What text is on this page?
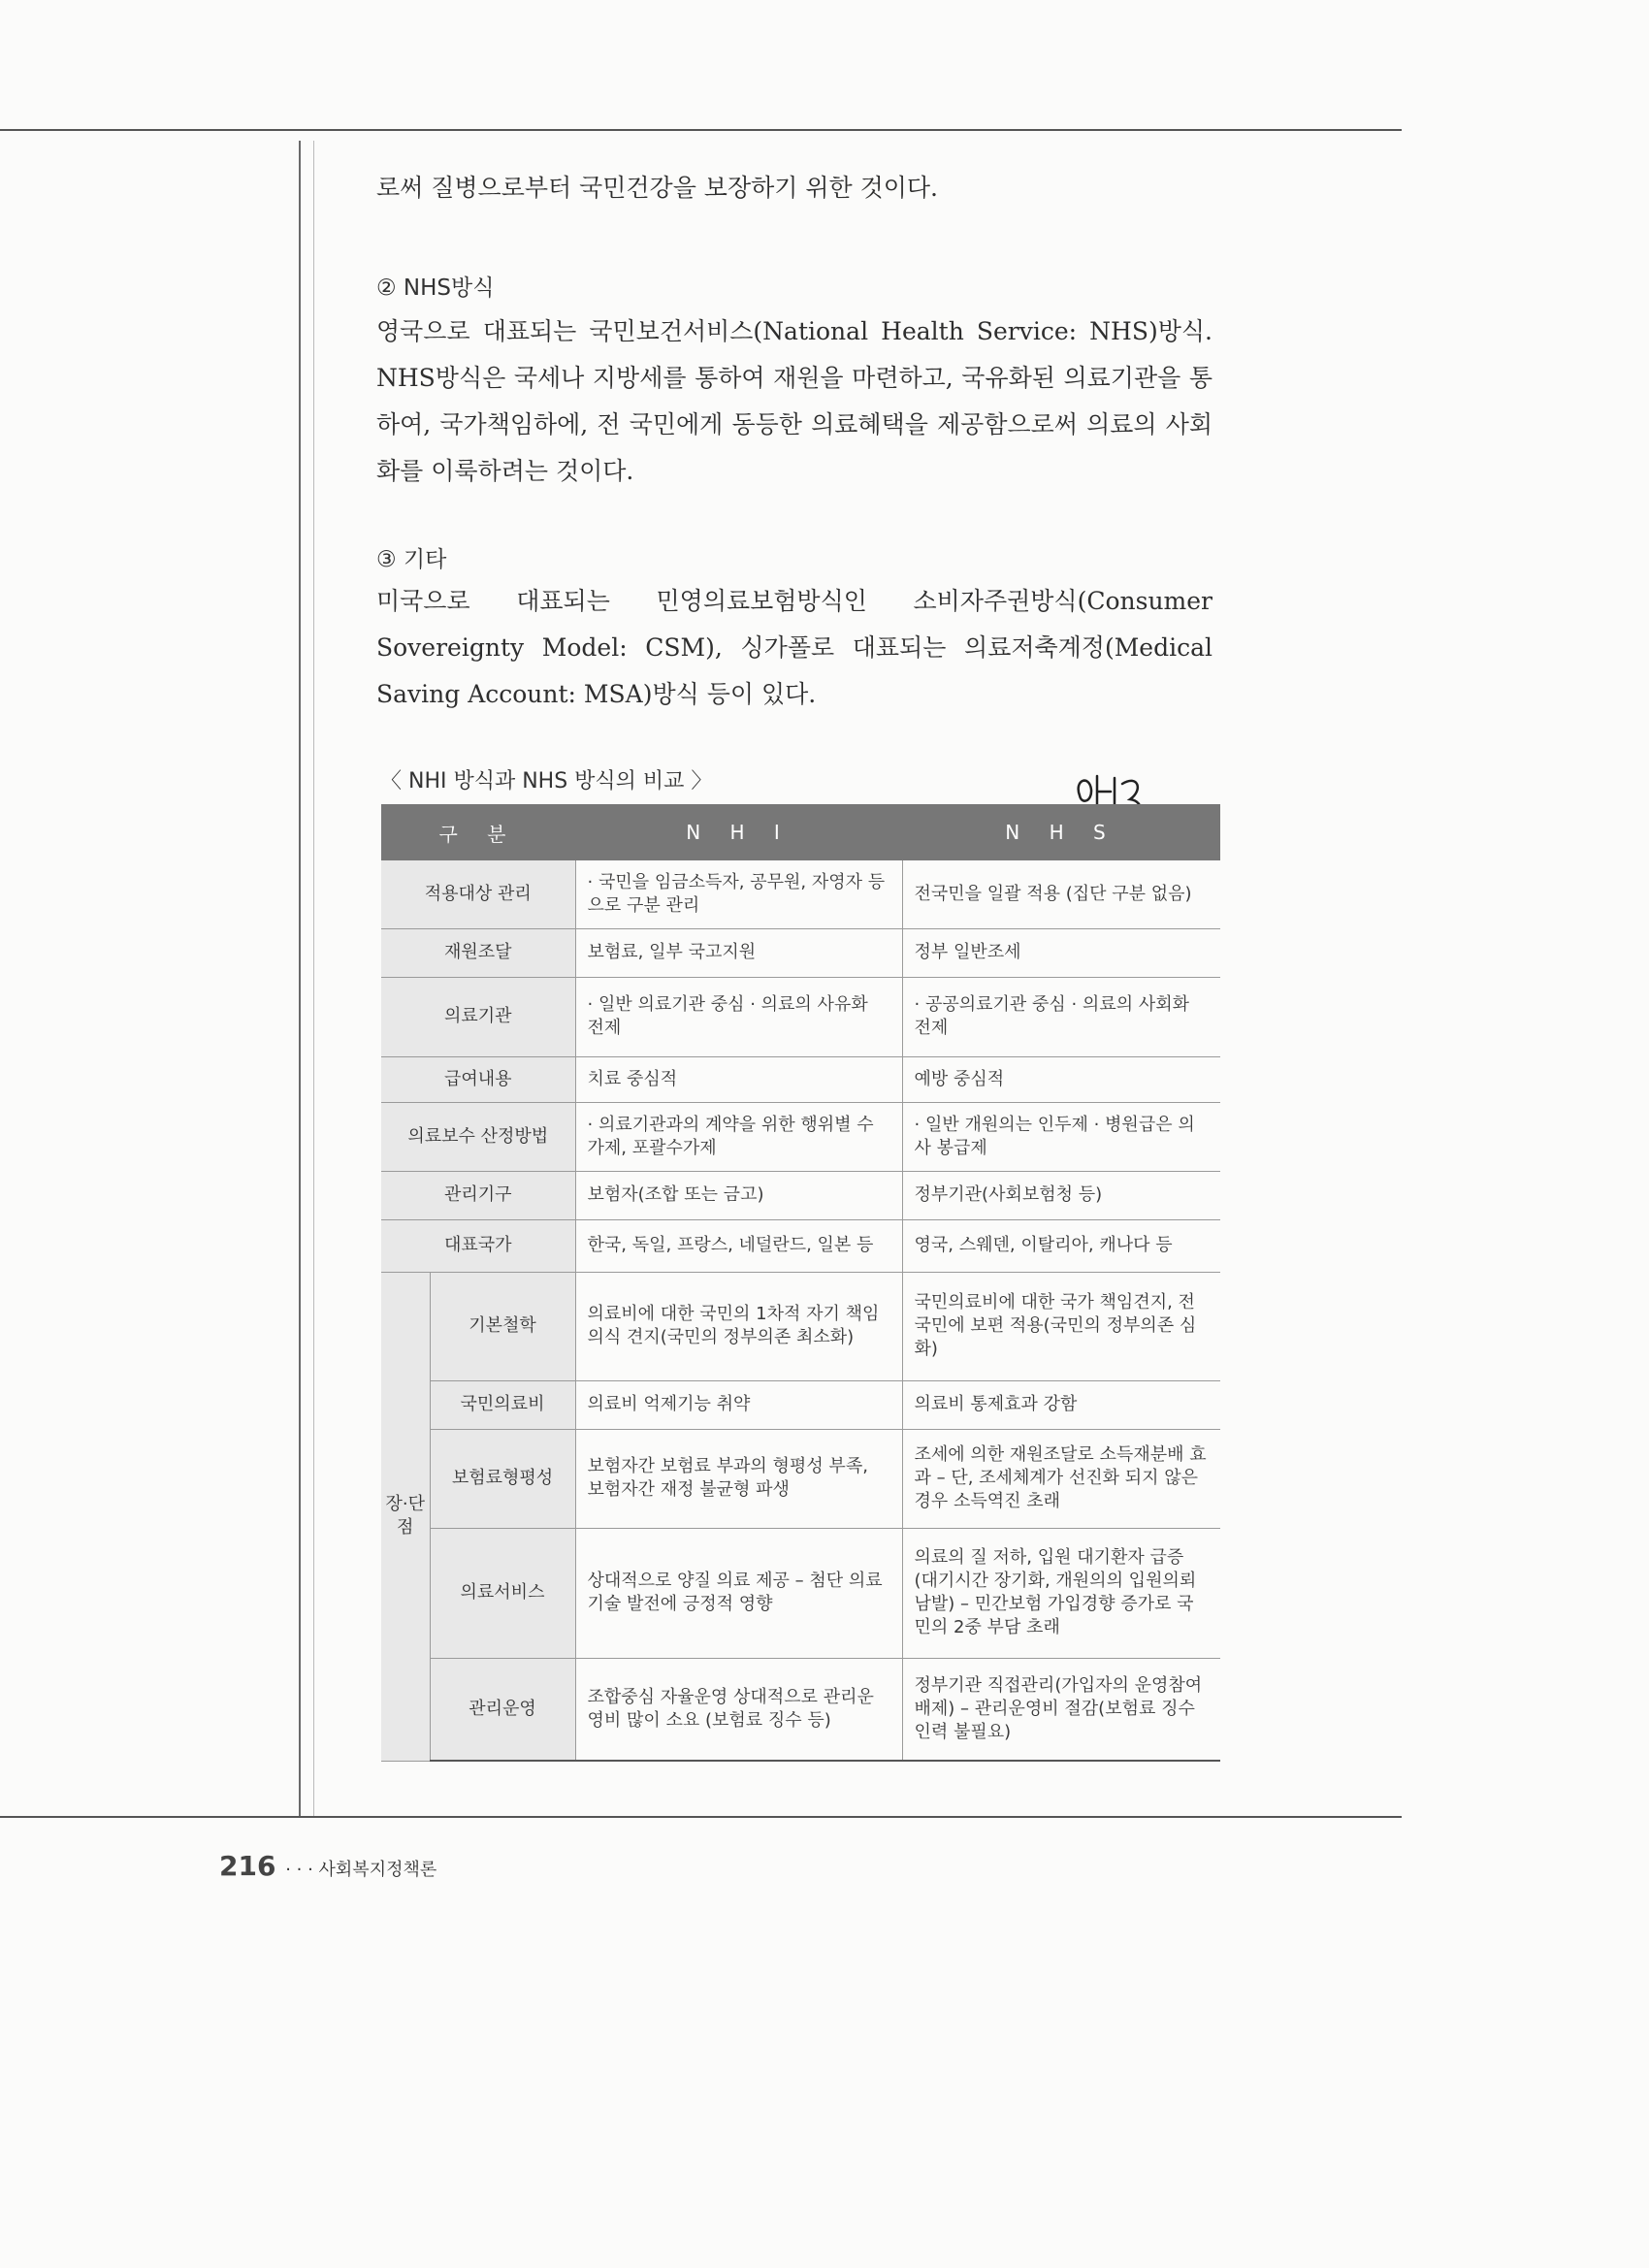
로써 질병으로부터 국민건강을 보장하기 위한 것이다.

② NHS방식

영국으로 대표되는 국민보건서비스(National Health Service: NHS)방식. NHS방식은 국세나 지방세를 통하여 재원을 마련하고, 국유화된 의료기관을 통하여, 국가책임하에, 전 국민에게 동등한 의료혜택을 제공함으로써 의료의 사회화를 이룩하려는 것이다.

③ 기타

미국으로 대표되는 민영의료보험방식인 소비자주권방식(Consumer Sovereignty Model: CSM), 싱가폴로 대표되는 의료저축계정(Medical Saving Account: MSA)방식 등이 있다.

〈 NHI 방식과 NHS 방식의 비교 〉
구 분		N H I	N H S
적용대상 관리		· 국민을 임금소득자, 공무원, 자영자 등으로 구분 관리	전국민을 일괄 적용 (집단 구분 없음)
재원조달		보험료, 일부 국고지원	정부 일반조세
의료기관		· 일반 의료기관 중심 · 의료의 사유화 전제	· 공공의료기관 중심 · 의료의 사회화 전제
급여내용		치료 중심적	예방 중심적
의료보수 산정방법		· 의료기관과의 계약을 위한 행위별 수가제, 포괄수가제	· 일반 개원의는 인두제 · 병원급은 의사 봉급제
관리기구		보험자(조합 또는 금고)	정부기관(사회보험청 등)
대표국가		한국, 독일, 프랑스, 네덜란드, 일본 등	영국, 스웨덴, 이탈리아, 캐나다 등
장·단점	기본철학	의료비에 대한 국민의 1차적 자기 책임의식 견지(국민의 정부의존 최소화)	국민의료비에 대한 국가 책임견지, 전 국민에 보편 적용(국민의 정부의존 심화)
	국민의료비	의료비 억제기능 취약	의료비 통제효과 강함
	보험료형평성	보험자간 보험료 부과의 형평성 부족, 보험자간 재정 불균형 파생	조세에 의한 재원조달로 소득재분배 효과 – 단, 조세체계가 선진화 되지 않은 경우 소득역진 초래
	의료서비스	상대적으로 양질 의료 제공 – 첨단 의료기술 발전에 긍정적 영향	의료의 질 저하, 입원 대기환자 급증 (대기시간 장기화, 개원의의 입원의뢰 남발) – 민간보험 가입경향 증가로 국민의 2중 부담 초래
	관리운영	조합중심 자율운영 상대적으로 관리운영비 많이 소요 (보험료 징수 등)	정부기관 직접관리(가입자의 운영참여 배제) – 관리운영비 절감(보험료 징수 인력 불필요)
216 · · · 사회복지정책론
